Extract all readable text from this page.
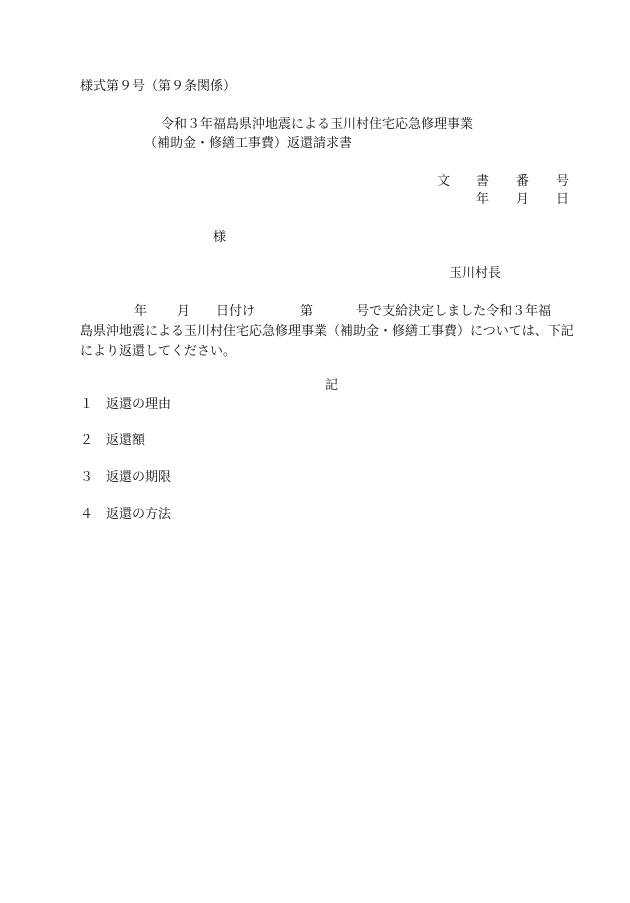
様式第９号（第９条関係）
令和３年福島県沖地震による玉川村住宅応急修理事業
（補助金・修繕工事費）返還請求書
文 書 番 号
年 月 日
様
玉川村長
年 月 日付け	第	号で支給決定しました令和３年福
島県沖地震による玉川村住宅応急修理事業（補助金・修繕工事費）については、下記
により返還してください。
記
１ 返還の理由
２ 返還額
３ 返還の期限
４ 返還の方法
